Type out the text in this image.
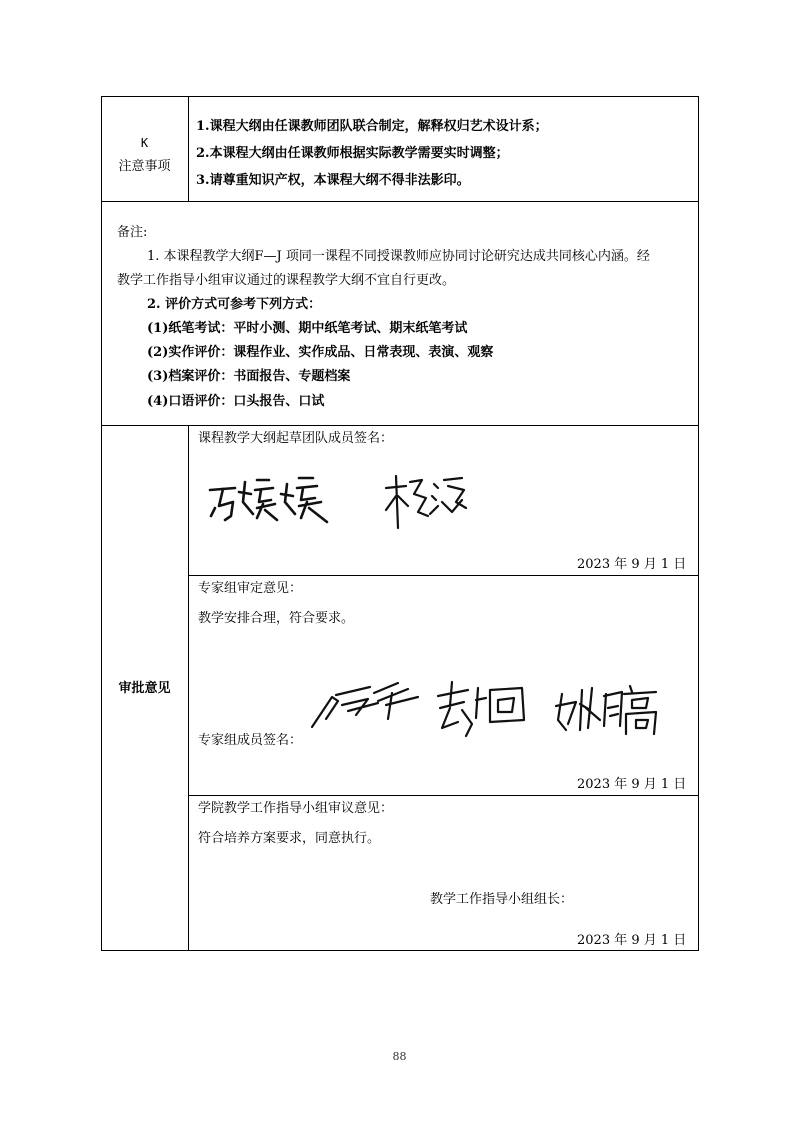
K
注意事项
1.课程大纲由任课教师团队联合制定，解释权归艺术设计系；
2.本课程大纲由任课教师根据实际教学需要实时调整；
3.请尊重知识产权，本课程大纲不得非法影印。
备注:
1. 本课程教学大纲F—J 项同一课程不同授课教师应协同讨论研究达成共同核心内涵。经
教学工作指导小组审议通过的课程教学大纲不宜自行更改。
2. 评价方式可参考下列方式：
(1)纸笔考试：平时小测、期中纸笔考试、期末纸笔考试
(2)实作评价：课程作业、实作成品、日常表现、表演、观察
(3)档案评价：书面报告、专题档案
(4)口语评价：口头报告、口试
审批意见
课程教学大纲起草团队成员签名：
2023 年 9 月 1 日
专家组审定意见：
教学安排合理，符合要求。
专家组成员签名：
2023 年 9 月 1 日
学院教学工作指导小组审议意见：
符合培养方案要求，同意执行。
教学工作指导小组组长：
2023 年 9 月 1 日
88
